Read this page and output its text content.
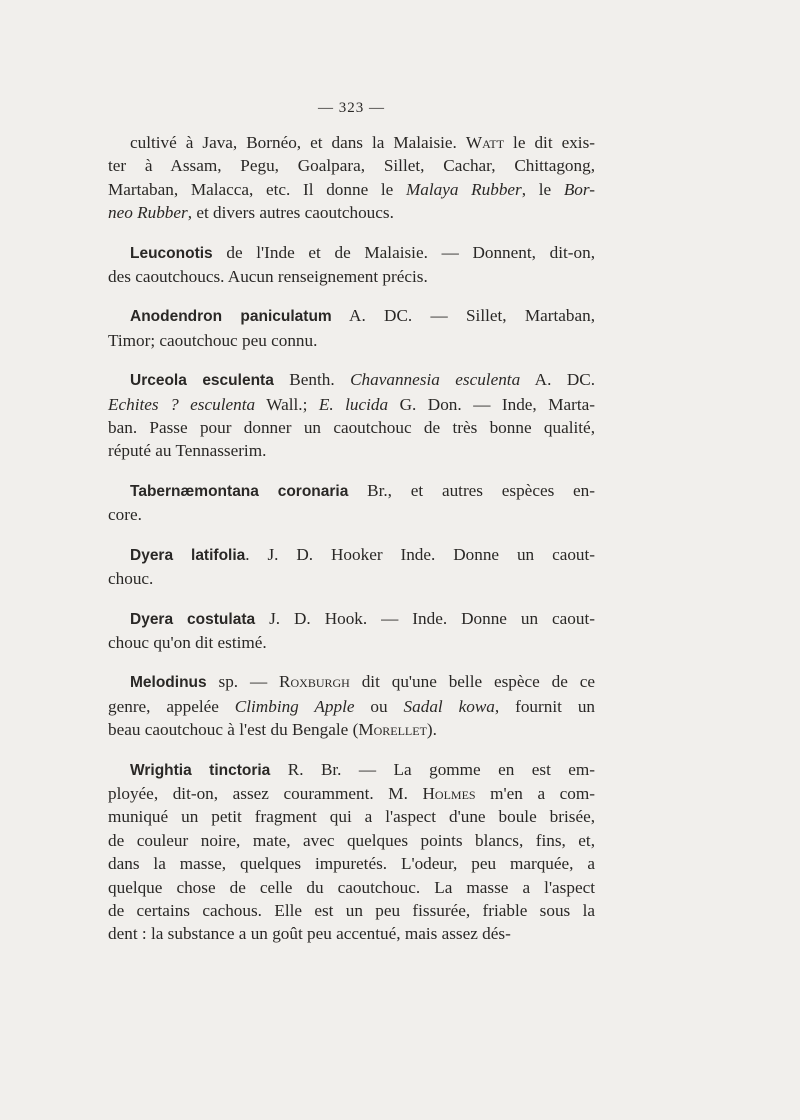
— 323 —
cultivé à Java, Bornéo, et dans la Malaisie. Watt le dit exis-
ter à Assam, Pegu, Goalpara, Sillet, Cachar, Chittagong,
Martaban, Malacca, etc. Il donne le Malaya Rubber, le Bor-
neo Rubber, et divers autres caoutchoucs.
Leuconotis de l'Inde et de Malaisie. — Donnent, dit-on,
des caoutchoucs. Aucun renseignement précis.
Anodendron paniculatum A. DC. — Sillet, Martaban,
Timor; caoutchouc peu connu.
Urceola esculenta Benth. Chavannesia esculenta A. DC.
Echites ? esculenta Wall.; E. lucida G. Don. — Inde, Marta-
ban. Passe pour donner un caoutchouc de très bonne qualité,
réputé au Tennasserim.
Tabernæmontana coronaria Br., et autres espèces en-
core.
Dyera latifolia. J. D. Hooker Inde. Donne un caout-
chouc.
Dyera costulata J. D. Hook. — Inde. Donne un caout-
chouc qu'on dit estimé.
Melodinus sp. — Roxburgh dit qu'une belle espèce de ce
genre, appelée Climbing Apple ou Sadal kowa, fournit un
beau caoutchouc à l'est du Bengale (Morellet).
Wrightia tinctoria R. Br. — La gomme en est em-
ployée, dit-on, assez couramment. M. Holmes m'en a com-
muniqué un petit fragment qui a l'aspect d'une boule brisée,
de couleur noire, mate, avec quelques points blancs, fins, et,
dans la masse, quelques impuretés. L'odeur, peu marquée, a
quelque chose de celle du caoutchouc. La masse a l'aspect
de certains cachous. Elle est un peu fissurée, friable sous la
dent : la substance a un goût peu accentué, mais assez dés-
